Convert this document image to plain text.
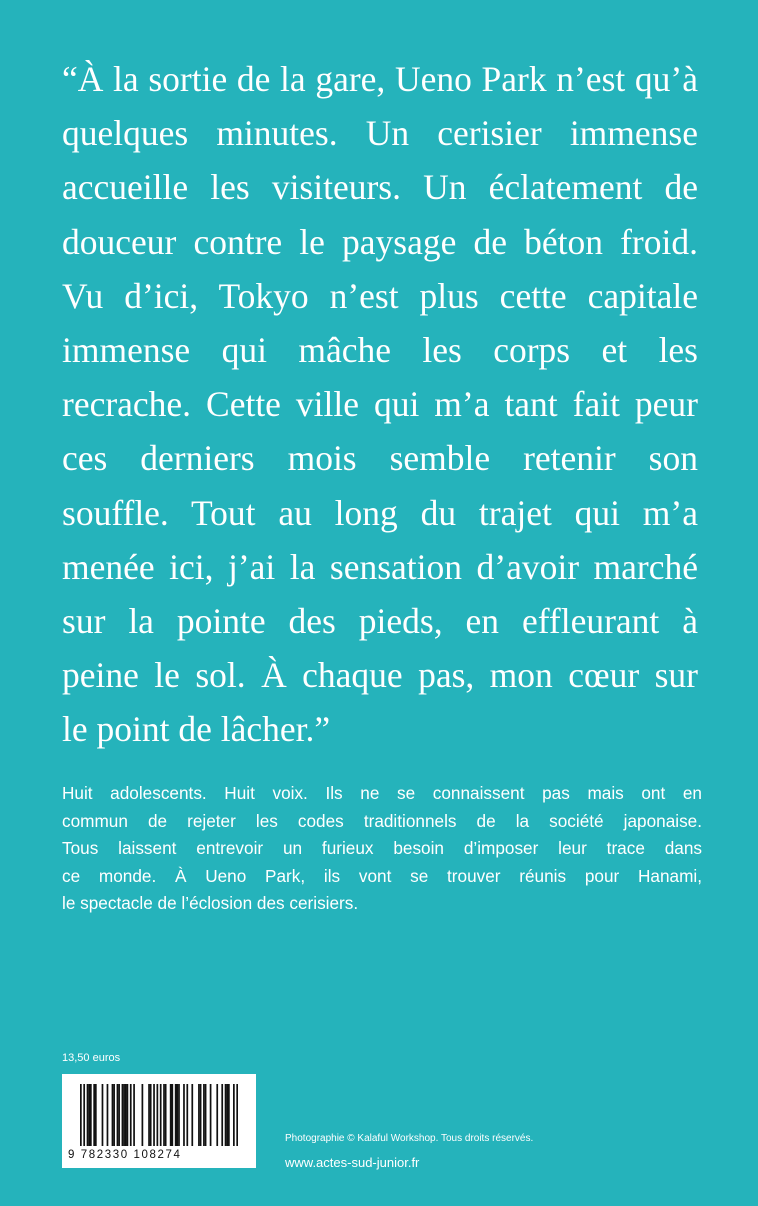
“À la sortie de la gare, Ueno Park n’est qu’à
quelques minutes. Un cerisier immense
accueille les visiteurs. Un éclatement de
douceur contre le paysage de béton froid.
Vu d’ici, Tokyo n’est plus cette capitale
immense qui mâche les corps et les
recrache. Cette ville qui m’a tant fait peur
ces derniers mois semble retenir son
souffle. Tout au long du trajet qui m’a
menée ici, j’ai la sensation d’avoir marché
sur la pointe des pieds, en effleurant à
peine le sol. À chaque pas, mon cœur sur
le point de lâcher.”
Huit adolescents. Huit voix. Ils ne se connaissent pas mais ont en
commun de rejeter les codes traditionnels de la société japonaise.
Tous laissent entrevoir un furieux besoin d’imposer leur trace dans
ce monde. À Ueno Park, ils vont se trouver réunis pour Hanami,
le spectacle de l’éclosion des cerisiers.
13,50 euros
9 782330 108274
Photographie © Kalaful Workshop. Tous droits réservés.
www.actes-sud-junior.fr
